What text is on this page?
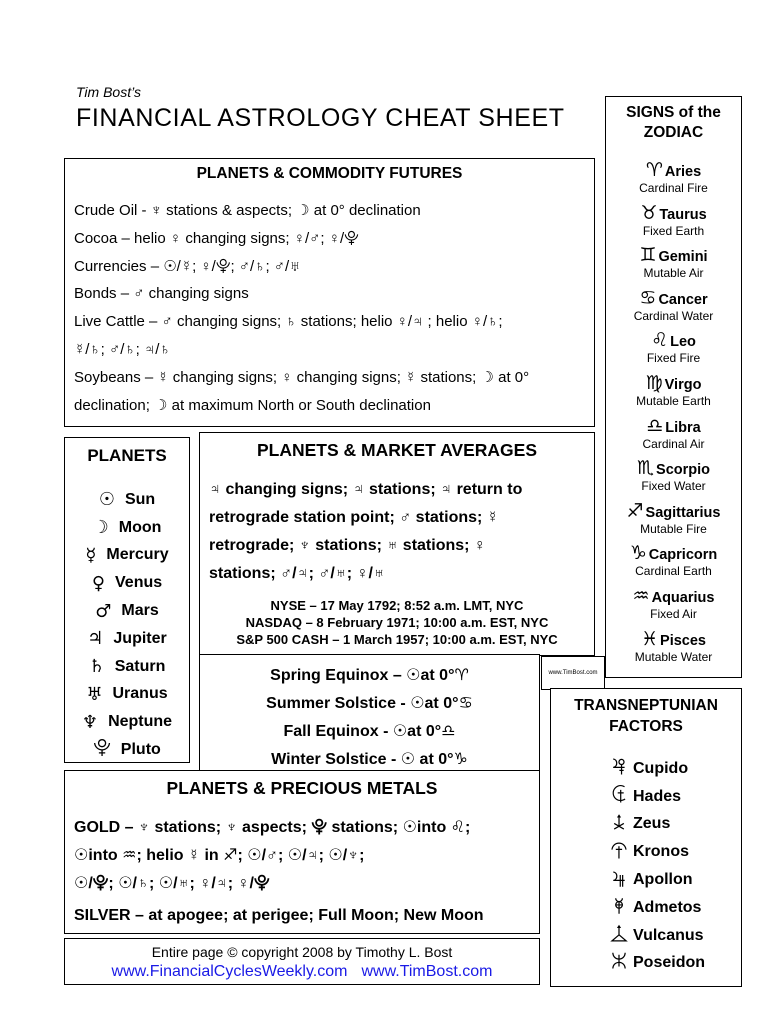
Tim Bost’s
FINANCIAL ASTROLOGY CHEAT SHEET
PLANETS & COMMODITY FUTURES
Crude Oil - ♆ stations & aspects; ☽ at 0° declination
Cocoa – helio ♀ changing signs; ♀/♂; ♀/⯓
Currencies – ☉/☿; ♀/⯓; ♂/♄; ♂/♅
Bonds – ♂ changing signs
Live Cattle – ♂ changing signs; ♄ stations; helio ♀/♃ ; helio ♀/♄;
☿/♄; ♂/♄; ♃/♄
Soybeans – ☿ changing signs; ♀ changing signs; ☿ stations; ☽ at 0°
declination; ☽ at maximum North or South declination
PLANETS
☉ Sun
☽ Moon
☿ Mercury
♀ Venus
♂ Mars
♃ Jupiter
♄ Saturn
♅ Uranus
♆ Neptune
⯓ Pluto
PLANETS & MARKET AVERAGES
♃ changing signs; ♃ stations; ♃ return to
retrograde station point; ♂ stations; ☿
retrograde; ♆ stations; ♅ stations; ♀
stations; ♂/♃; ♂/♅; ♀/♅
NYSE – 17 May 1792; 8:52 a.m. LMT, NYC
NASDAQ – 8 February 1971; 10:00 a.m. EST, NYC
S&P 500 CASH – 1 March 1957; 10:00 a.m. EST, NYC
Spring Equinox – ☉at 0°♈
Summer Solstice - ☉at 0°♋
Fall Equinox - ☉at 0°♎
Winter Solstice - ☉ at 0°♑
www.TimBost.com
PLANETS & PRECIOUS METALS
GOLD – ♆ stations; ♆ aspects; ⯓ stations; ☉into ♌;
☉into ♒; helio ☿ in ♐; ☉/♂; ☉/♃; ☉/♆;
☉/⯓; ☉/♄; ☉/♅; ♀/♃; ♀/⯓
SILVER – at apogee; at perigee; Full Moon; New Moon
Entire page © copyright 2008 by Timothy L. Bost
www.FinancialCyclesWeekly.com www.TimBost.com
SIGNS of the
ZODIAC
♈ Aries
Cardinal Fire
♉ Taurus
Fixed Earth
♊ Gemini
Mutable Air
♋ Cancer
Cardinal Water
♌ Leo
Fixed Fire
♍ Virgo
Mutable Earth
♎ Libra
Cardinal Air
♏ Scorpio
Fixed Water
♐ Sagittarius
Mutable Fire
♑ Capricorn
Cardinal Earth
♒ Aquarius
Fixed Air
♓ Pisces
Mutable Water
TRANSNEPTUNIAN
FACTORS
⯠ Cupido
⯡ Hades
⯢ Zeus
⯣ Kronos
⯤ Apollon
⯥ Admetos
⯦ Vulcanus
⯧ Poseidon
